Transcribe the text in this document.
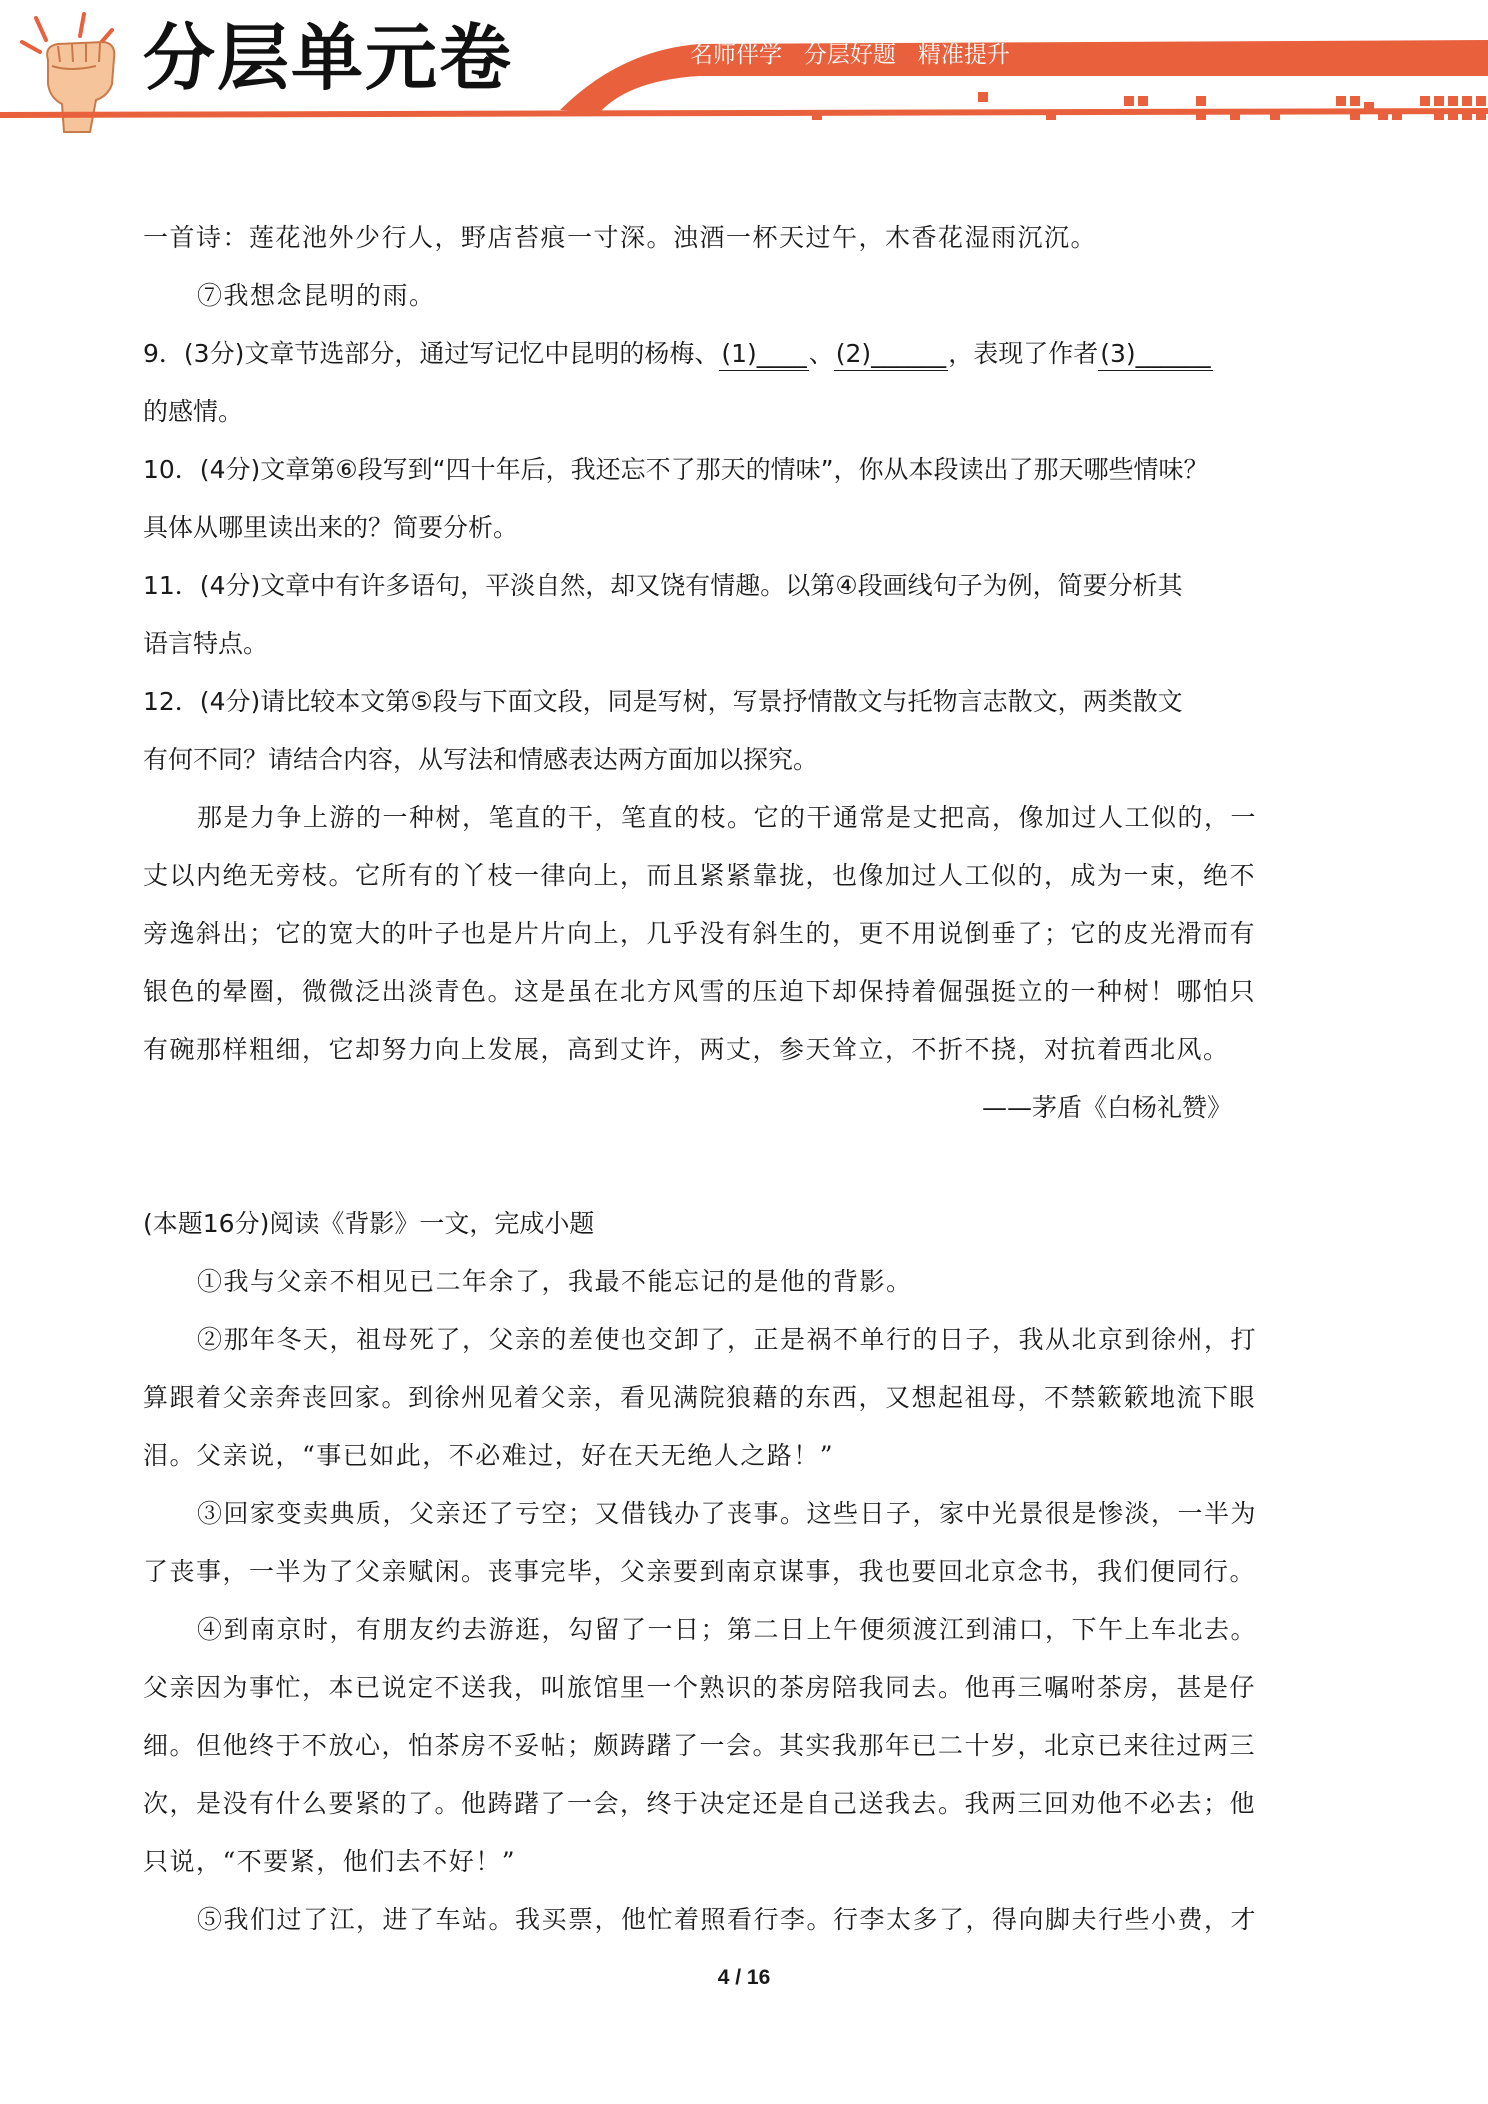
分层单元卷	名师伴学   分层好题   精准提升
一首诗：莲花池外少行人，野店苔痕一寸深。浊酒一杯天过午，木香花湿雨沉沉。
⑦我想念昆明的雨。
9．(3分)文章节选部分，通过写记忆中昆明的杨梅、(1)____、(2)______，表现了作者(3)______
的感情。
10．(4分)文章第⑥段写到“四十年后，我还忘不了那天的情味”，你从本段读出了那天哪些情味？
具体从哪里读出来的？简要分析。
11．(4分)文章中有许多语句，平淡自然，却又饶有情趣。以第④段画线句子为例，简要分析其
语言特点。
12．(4分)请比较本文第⑤段与下面文段，同是写树，写景抒情散文与托物言志散文，两类散文
有何不同？请结合内容，从写法和情感表达两方面加以探究。
那是力争上游的一种树，笔直的干，笔直的枝。它的干通常是丈把高，像加过人工似的，一
丈以内绝无旁枝。它所有的丫枝一律向上，而且紧紧靠拢，也像加过人工似的，成为一束，绝不
旁逸斜出；它的宽大的叶子也是片片向上，几乎没有斜生的，更不用说倒垂了；它的皮光滑而有
银色的晕圈，微微泛出淡青色。这是虽在北方风雪的压迫下却保持着倔强挺立的一种树！哪怕只
有碗那样粗细，它却努力向上发展，高到丈许，两丈，参天耸立，不折不挠，对抗着西北风。
——茅盾《白杨礼赞》
(本题16分)阅读《背影》一文，完成小题
①我与父亲不相见已二年余了，我最不能忘记的是他的背影。
②那年冬天，祖母死了，父亲的差使也交卸了，正是祸不单行的日子，我从北京到徐州，打
算跟着父亲奔丧回家。到徐州见着父亲，看见满院狼藉的东西，又想起祖母，不禁簌簌地流下眼
泪。父亲说，“事已如此，不必难过，好在天无绝人之路！”
③回家变卖典质，父亲还了亏空；又借钱办了丧事。这些日子，家中光景很是惨淡，一半为
了丧事，一半为了父亲赋闲。丧事完毕，父亲要到南京谋事，我也要回北京念书，我们便同行。
④到南京时，有朋友约去游逛，勾留了一日；第二日上午便须渡江到浦口，下午上车北去。
父亲因为事忙，本已说定不送我，叫旅馆里一个熟识的茶房陪我同去。他再三嘱咐茶房，甚是仔
细。但他终于不放心，怕茶房不妥帖；颇踌躇了一会。其实我那年已二十岁，北京已来往过两三
次，是没有什么要紧的了。他踌躇了一会，终于决定还是自己送我去。我两三回劝他不必去；他
只说，“不要紧，他们去不好！”
⑤我们过了江，进了车站。我买票，他忙着照看行李。行李太多了，得向脚夫行些小费，才
4 / 16
